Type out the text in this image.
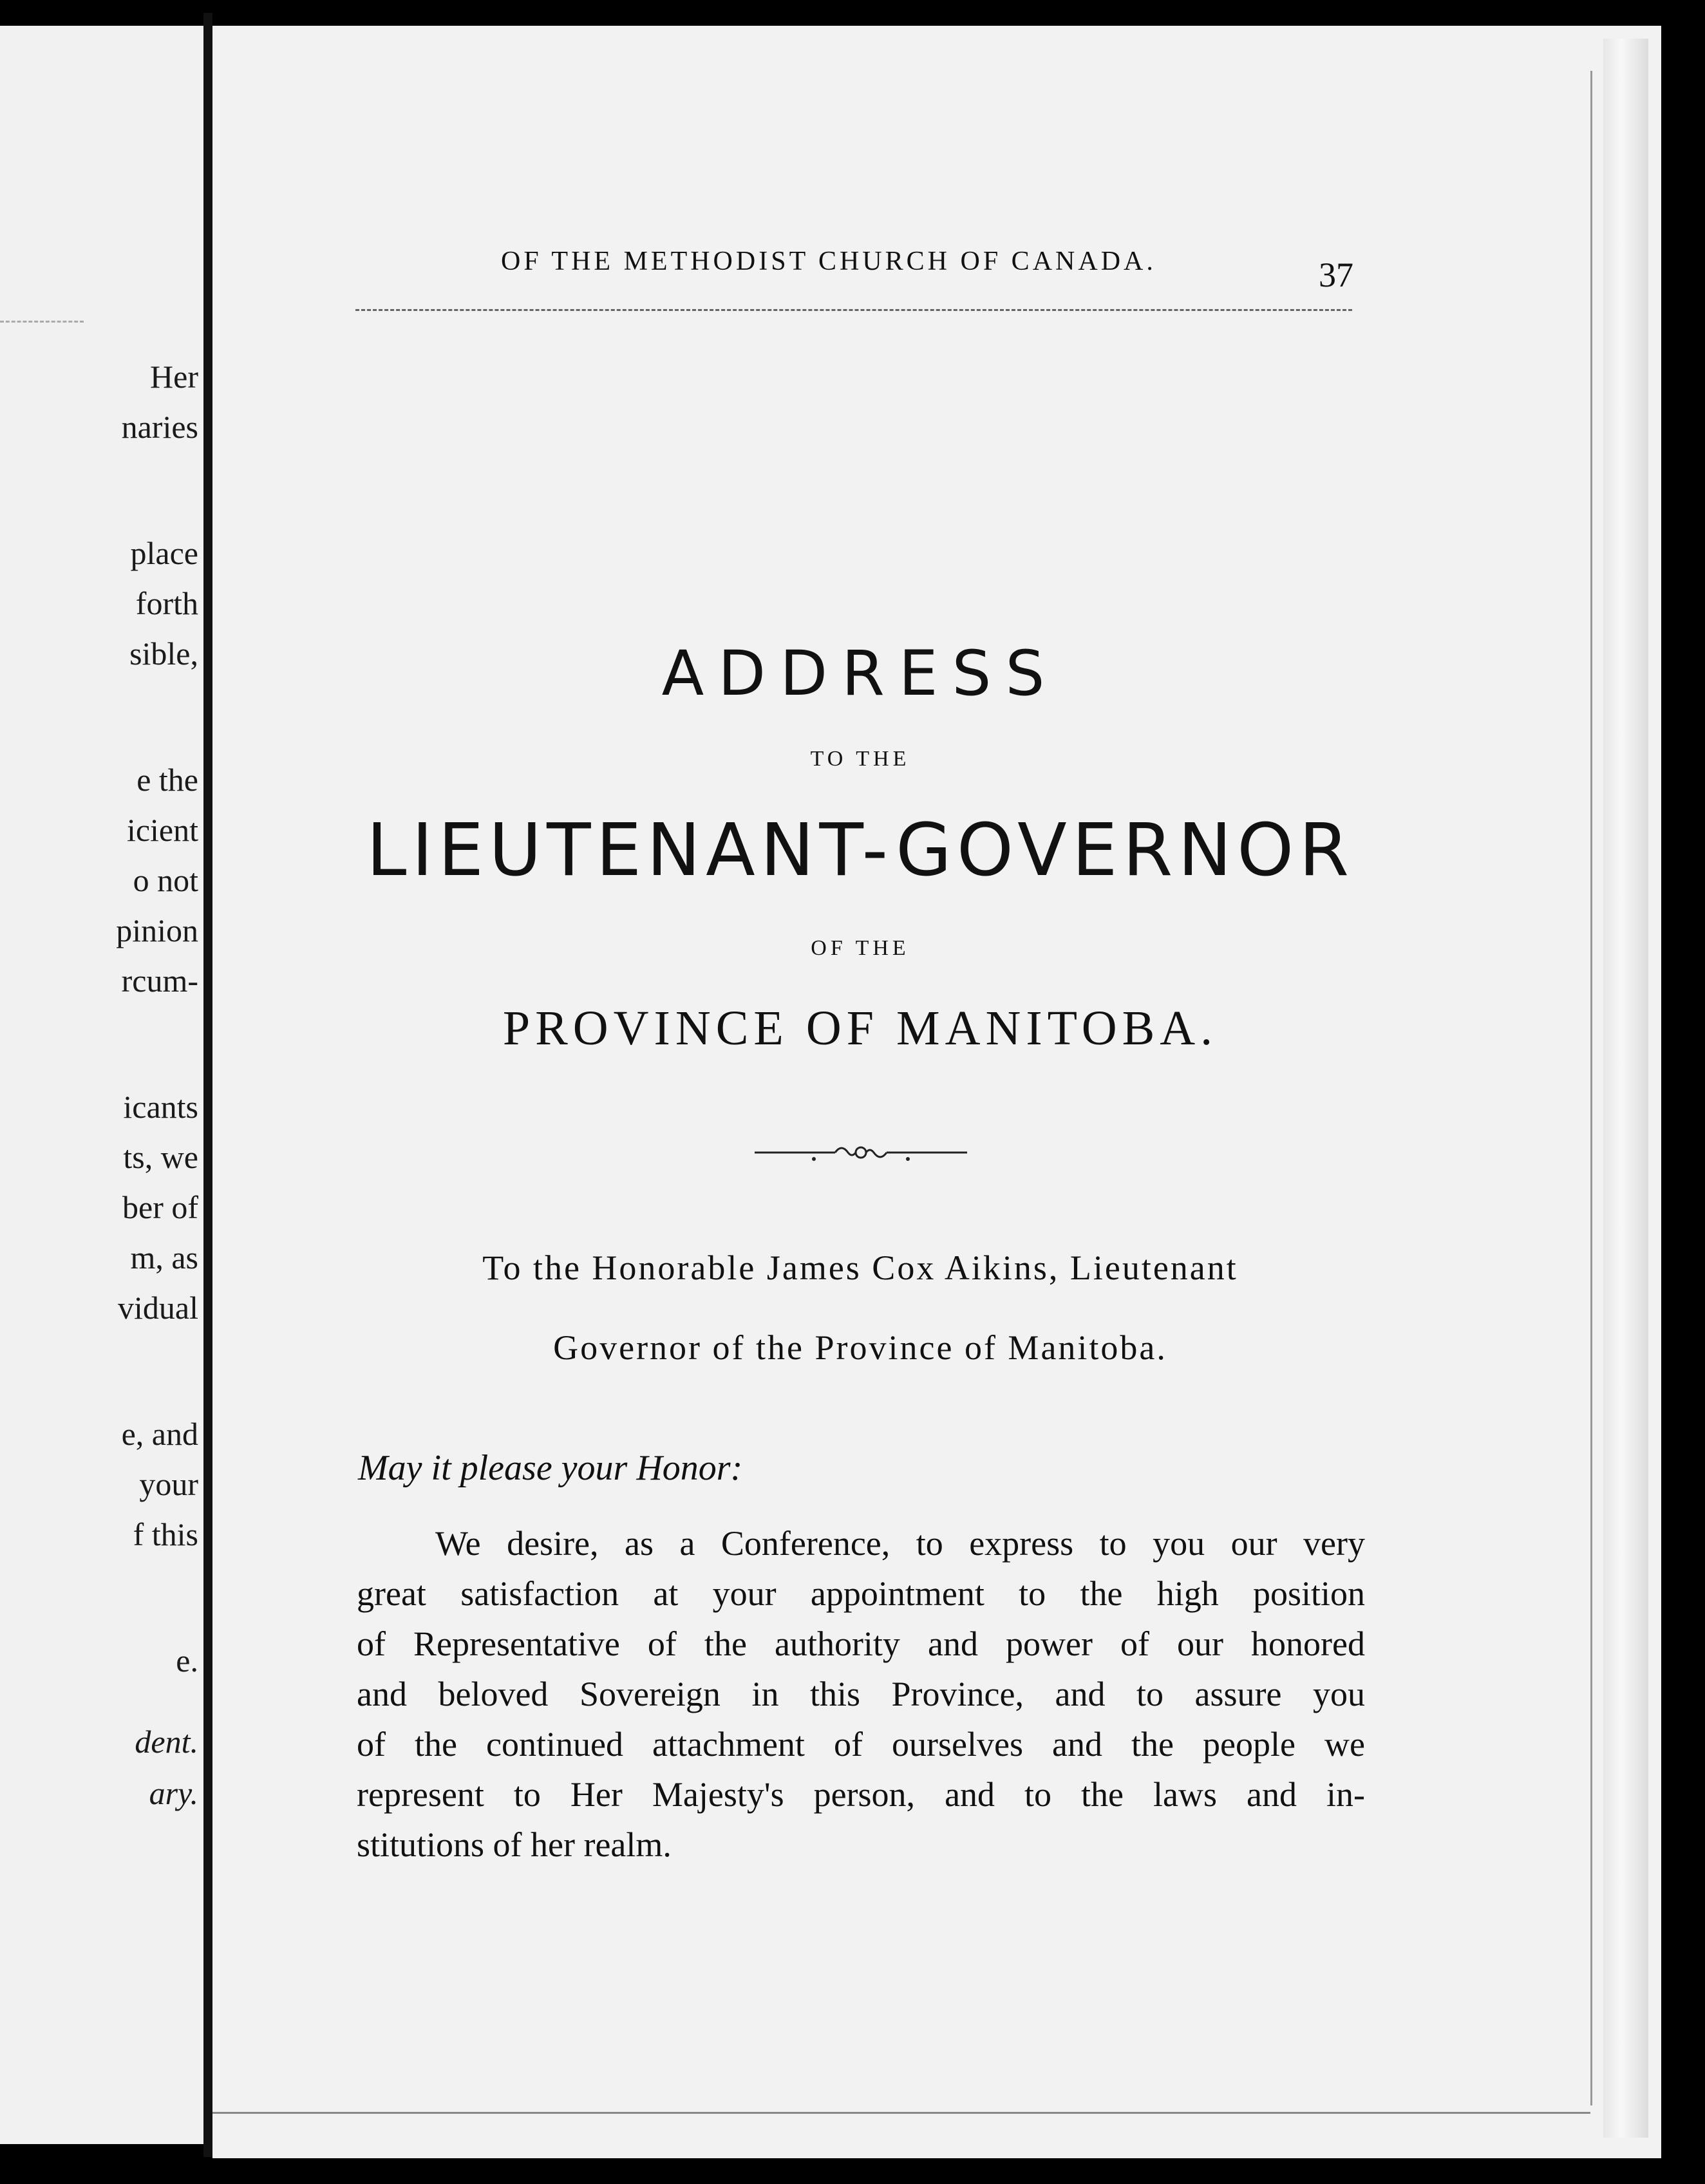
Her
naries
place
forth
sible,
e the
icient
o not
pinion
rcum-
icants
ts, we
ber of
m, as
vidual
e, and
your
f this
e.
dent.
ary.
OF THE METHODIST CHURCH OF CANADA.	37
ADDRESS
TO THE
LIEUTENANT-GOVERNOR
OF THE
PROVINCE OF MANITOBA.
To the Honorable James Cox Aikins, Lieutenant
Governor of the Province of Manitoba.
May it please your Honor:
We desire, as a Conference, to express to you our very
great satisfaction at your appointment to the high position
of Representative of the authority and power of our honored
and beloved Sovereign in this Province, and to assure you
of the continued attachment of ourselves and the people we
represent to Her Majesty's person, and to the laws and in-
stitutions of her realm.
